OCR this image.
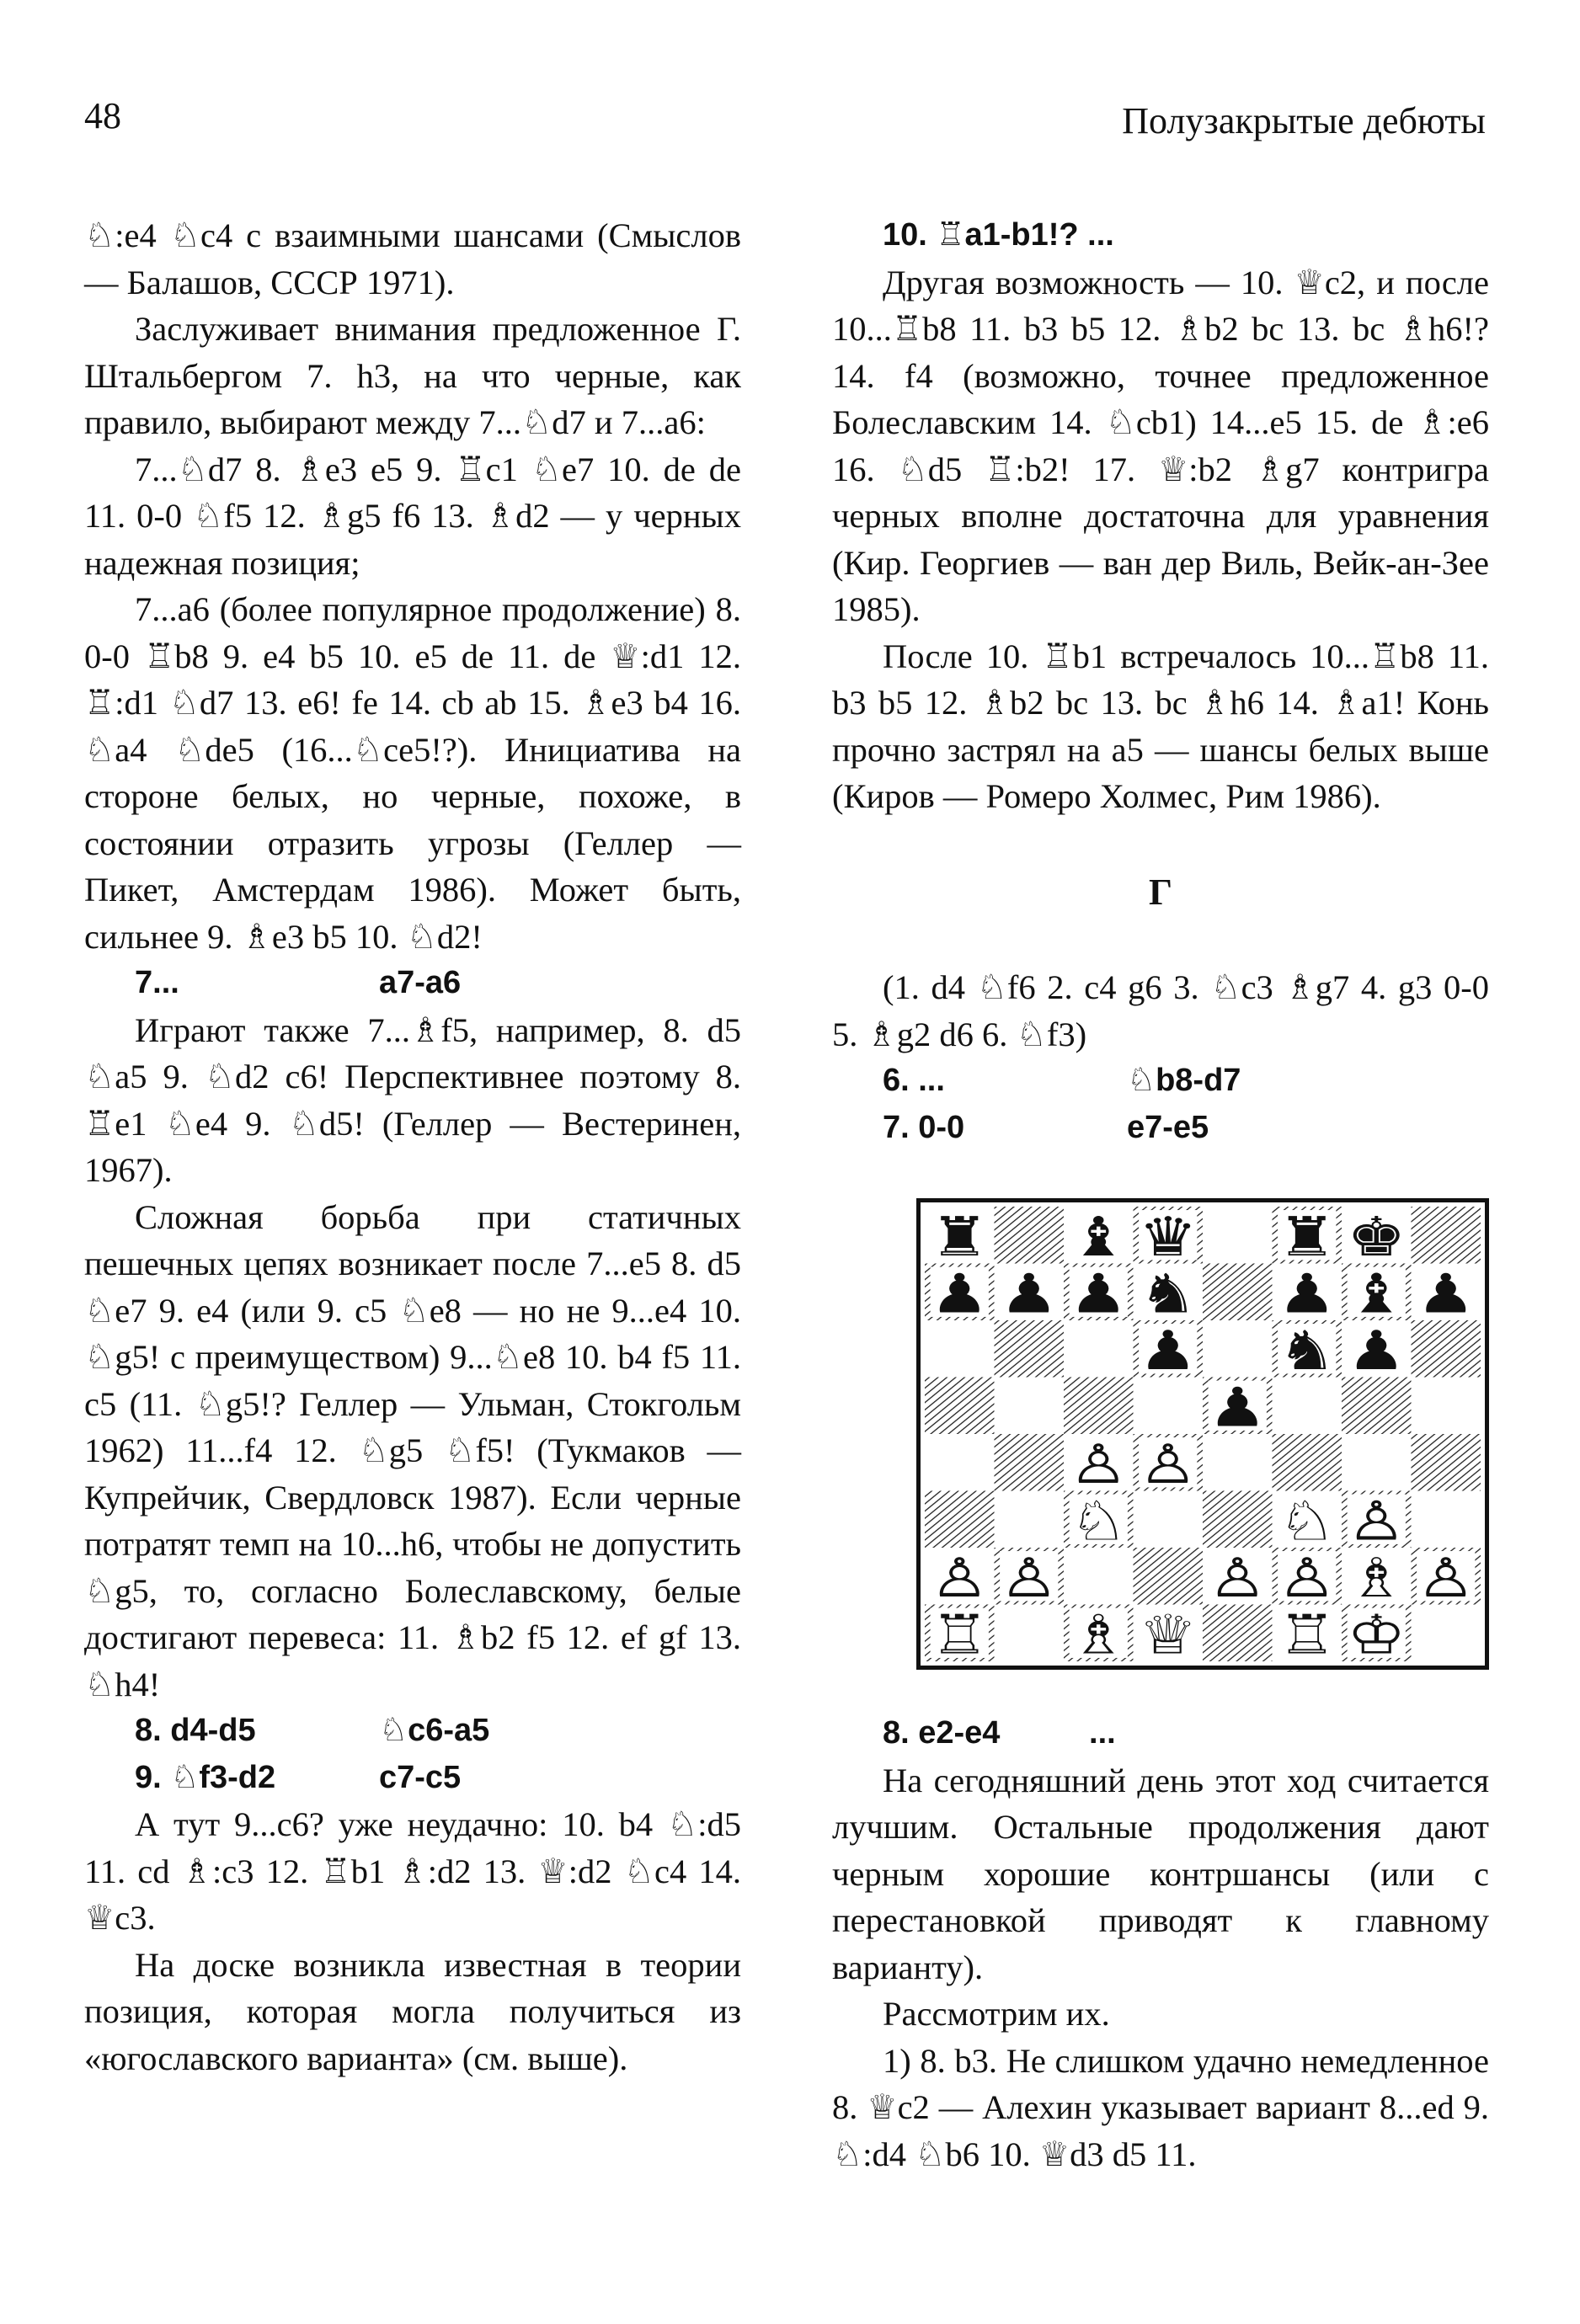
48	Полузакрытые дебюты

♘:e4 ♘c4 с взаимными шансами (Смыслов — Балашов, СССР 1971).

Заслуживает внимания предложенное Г. Штальбергом 7. h3, на что черные, как правило, выбирают между 7...♘d7 и 7...a6:

7...♘d7 8. ♗e3 e5 9. ♖c1 ♘e7 10. de de 11. 0-0 ♘f5 12. ♗g5 f6 13. ♗d2 — у черных надежная позиция;

7...a6 (более популярное продолжение) 8. 0-0 ♖b8 9. e4 b5 10. e5 de 11. de ♕:d1 12. ♖:d1 ♘d7 13. e6! fe 14. cb ab 15. ♗e3 b4 16. ♘a4 ♘de5 (16...♘ce5!?). Инициатива на стороне белых, но черные, похоже, в состоянии отразить угрозы (Геллер — Пикет, Амстердам 1986). Может быть, сильнее 9. ♗e3 b5 10. ♘d2!

7...	a7-a6

Играют также 7...♗f5, например, 8. d5 ♘a5 9. ♘d2 c6! Перспективнее поэтому 8. ♖e1 ♘e4 9. ♘d5! (Геллер — Вестеринен, 1967).

Сложная борьба при статичных пешечных цепях возникает после 7...e5 8. d5 ♘e7 9. e4 (или 9. c5 ♘e8 — но не 9...e4 10. ♘g5! с преимуществом) 9...♘e8 10. b4 f5 11. c5 (11. ♘g5!? Геллер — Ульман, Стокгольм 1962) 11...f4 12. ♘g5 ♘f5! (Тукмаков — Купрейчик, Свердловск 1987). Если черные потратят темп на 10...h6, чтобы не допустить ♘g5, то, согласно Болеславскому, белые достигают перевеса: 11. ♗b2 f5 12. ef gf 13. ♘h4!

8. d4-d5	♘c6-a5
9. ♘f3-d2	c7-c5

А тут 9...c6? уже неудачно: 10. b4 ♘:d5 11. cd ♗:c3 12. ♖b1 ♗:d2 13. ♕:d2 ♘c4 14. ♕c3.

На доске возникла известная в теории позиция, которая могла получиться из «югославского варианта» (см. выше).

10. ♖a1-b1!? ...

Другая возможность — 10. ♕c2, и после 10...♖b8 11. b3 b5 12. ♗b2 bc 13. bc ♗h6!? 14. f4 (возможно, точнее предложенное Болеславским 14. ♘cb1) 14...e5 15. de ♗:e6 16. ♘d5 ♖:b2! 17. ♕:b2 ♗g7 контригра черных вполне достаточна для уравнения (Кир. Георгиев — ван дер Виль, Вейк-ан-Зее 1985).

После 10. ♖b1 встречалось 10...♖b8 11. b3 b5 12. ♗b2 bc 13. bc ♗h6 14. ♗a1! Конь прочно застрял на a5 — шансы белых выше (Киров — Ромеро Холмес, Рим 1986).

Г

(1. d4 ♘f6 2. c4 g6 3. ♘c3 ♗g7 4. g3 0-0 5. ♗g2 d6 6. ♘f3)

6. ...	♘b8-d7
7. 0-0	e7-e5
8. e2-e4          ...

На сегодняшний день этот ход считается лучшим. Остальные продолжения дают черным хорошие контршансы (или с перестановкой приводят к главному варианту).

Рассмотрим их.

1) 8. b3. Не слишком удачно немедленное 8. ♕c2 — Алехин указывает вариант 8...ed 9. ♘:d4 ♘b6 10. ♕d3 d5 11.
